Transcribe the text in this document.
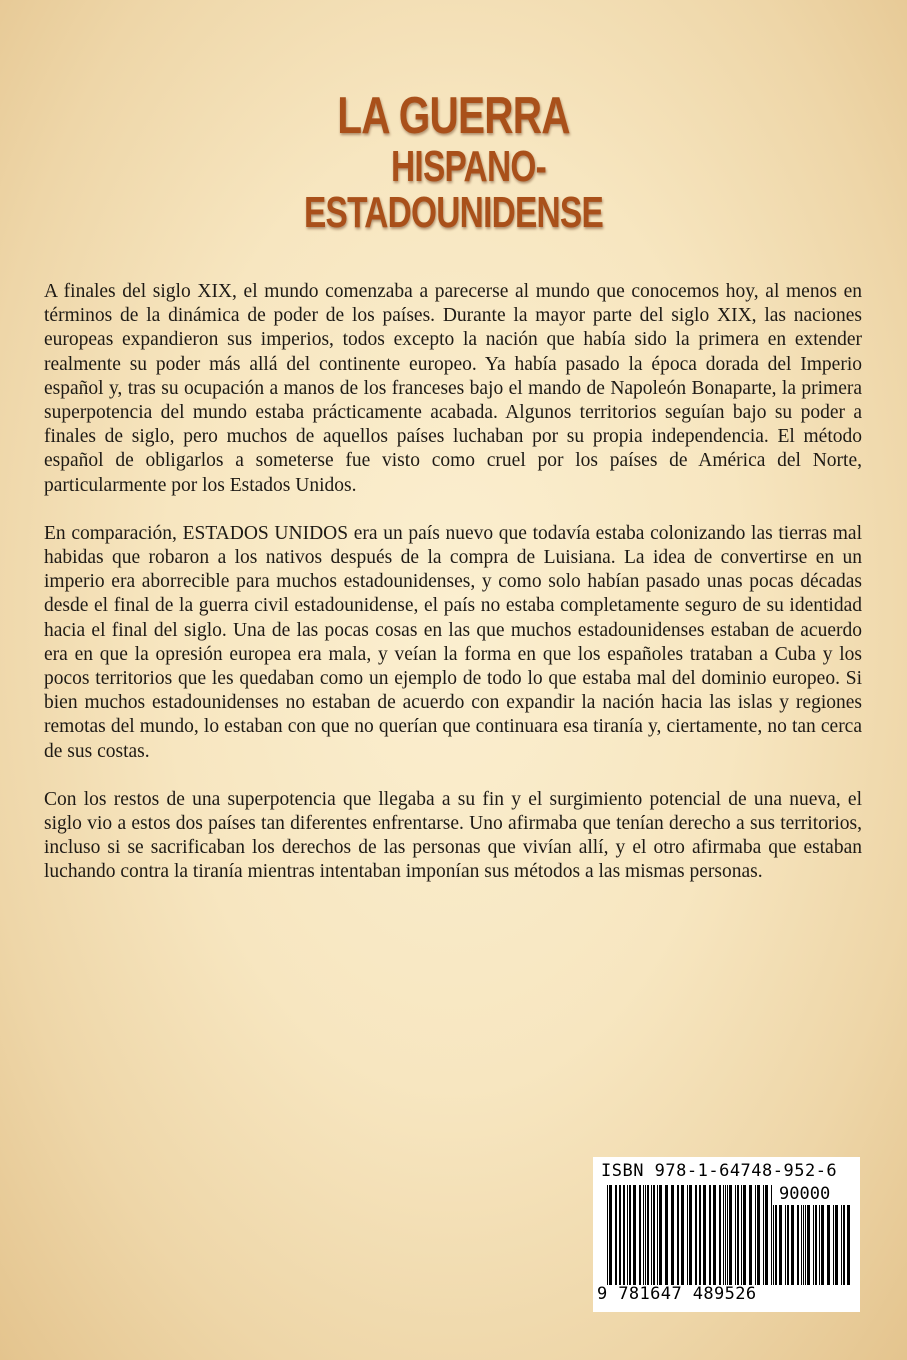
LA GUERRA
HISPANO-
ESTADOUNIDENSE

A finales del siglo XIX, el mundo comenzaba a parecerse al mundo que conocemos hoy, al menos en términos de la dinámica de poder de los países. Durante la mayor parte del siglo XIX, las naciones europeas expandieron sus imperios, todos excepto la nación que había sido la primera en extender realmente su poder más allá del continente europeo. Ya había pasado la época dorada del Imperio español y, tras su ocupación a manos de los franceses bajo el mando de Napoleón Bonaparte, la primera superpotencia del mundo estaba prácticamente acabada. Algunos territorios seguían bajo su poder a finales de siglo, pero muchos de aquellos países luchaban por su propia independencia. El método español de obligarlos a someterse fue visto como cruel por los países de América del Norte, particularmente por los Estados Unidos.

En comparación, ESTADOS UNIDOS era un país nuevo que todavía estaba colonizando las tierras mal habidas que robaron a los nativos después de la compra de Luisiana. La idea de convertirse en un imperio era aborrecible para muchos estadounidenses, y como solo habían pasado unas pocas décadas desde el final de la guerra civil estadounidense, el país no estaba completamente seguro de su identidad hacia el final del siglo. Una de las pocas cosas en las que muchos estadounidenses estaban de acuerdo era en que la opresión europea era mala, y veían la forma en que los españoles trataban a Cuba y los pocos territorios que les quedaban como un ejemplo de todo lo que estaba mal del dominio europeo. Si bien muchos estadounidenses no estaban de acuerdo con expandir la nación hacia las islas y regiones remotas del mundo, lo estaban con que no querían que continuara esa tiranía y, ciertamente, no tan cerca de sus costas.

Con los restos de una superpotencia que llegaba a su fin y el surgimiento potencial de una nueva, el siglo vio a estos dos países tan diferentes enfrentarse. Uno afirmaba que tenían derecho a sus territorios, incluso si se sacrificaban los derechos de las personas que vivían allí, y el otro afirmaba que estaban luchando contra la tiranía mientras intentaban imponían sus métodos a las mismas personas.

ISBN 978-1-64748-952-6
90000
9 781647 489526
